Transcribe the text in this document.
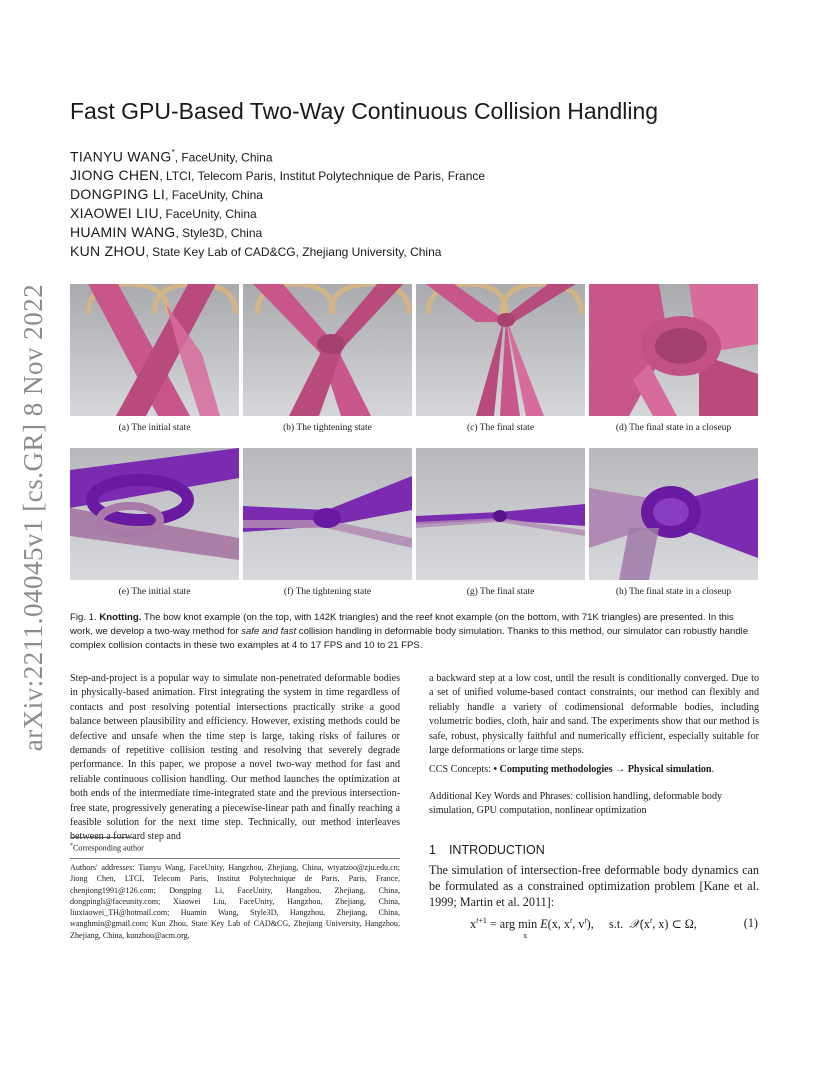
arXiv:2211.04045v1 [cs.GR] 8 Nov 2022
Fast GPU-Based Two-Way Continuous Collision Handling
TIANYU WANG*, FaceUnity, China
JIONG CHEN, LTCI, Telecom Paris, Institut Polytechnique de Paris, France
DONGPING LI, FaceUnity, China
XIAOWEI LIU, FaceUnity, China
HUAMIN WANG, Style3D, China
KUN ZHOU, State Key Lab of CAD&CG, Zhejiang University, China
(a) The initial state	(b) The tightening state	(c) The final state	(d) The final state in a closeup
(e) The initial state	(f) The tightening state	(g) The final state	(h) The final state in a closeup
Fig. 1. Knotting. The bow knot example (on the top, with 142K triangles) and the reef knot example (on the bottom, with 71K triangles) are presented. In this work, we develop a two-way method for safe and fast collision handling in deformable body simulation. Thanks to this method, our simulator can robustly handle complex collision contacts in these two examples at 4 to 17 FPS and 10 to 21 FPS.
Step-and-project is a popular way to simulate non-penetrated deformable bodies in physically-based animation. First integrating the system in time regardless of contacts and post resolving potential intersections practically strike a good balance between plausibility and efficiency. However, existing methods could be defective and unsafe when the time step is large, taking risks of failures or demands of repetitive collision testing and resolving that severely degrade performance. In this paper, we propose a novel two-way method for fast and reliable continuous collision handling. Our method launches the optimization at both ends of the intermediate time-integrated state and the previous intersection-free state, progressively generating a piecewise-linear path and finally reaching a feasible solution for the next time step. Technically, our method interleaves between a forward step and
*Corresponding author
Authors' addresses: Tianyu Wang, FaceUnity, Hangzhou, Zhejiang, China, wtyatzoo@zju.edu.cn; Jiong Chen, LTCI, Telecom Paris, Institut Polytechnique de Paris, Paris, France, chenjiong1991@126.com; Dongping Li, FaceUnity, Hangzhou, Zhejiang, China, dongpingli@faceunity.com; Xiaowei Liu, FaceUnity, Hangzhou, Zhejiang, China, liuxiaowei_TH@hotmail.com; Huamin Wang, Style3D, Hangzhou, Zhejiang, China, wanghmin@gmail.com; Kun Zhou, State Key Lab of CAD&CG, Zhejiang University, Hangzhou, Zhejiang, China, kunzhou@acm.org.
a backward step at a low cost, until the result is conditionally converged. Due to a set of unified volume-based contact constraints, our method can flexibly and reliably handle a variety of codimensional deformable bodies, including volumetric bodies, cloth, hair and sand. The experiments show that our method is safe, robust, physically faithful and numerically efficient, especially suitable for large deformations or large time steps.
CCS Concepts: • Computing methodologies → Physical simulation.
Additional Key Words and Phrases: collision handling, deformable body simulation, GPU computation, nonlinear optimization
1 INTRODUCTION
The simulation of intersection-free deformable body dynamics can be formulated as a constrained optimization problem [Kane et al. 1999; Martin et al. 2011]:
$x^{t+1}$ = arg min
x
E(x, $x^t$, $v^t$),     s.t.  $𝒳(x^t$, x) ⊂ Ω,	(1)
